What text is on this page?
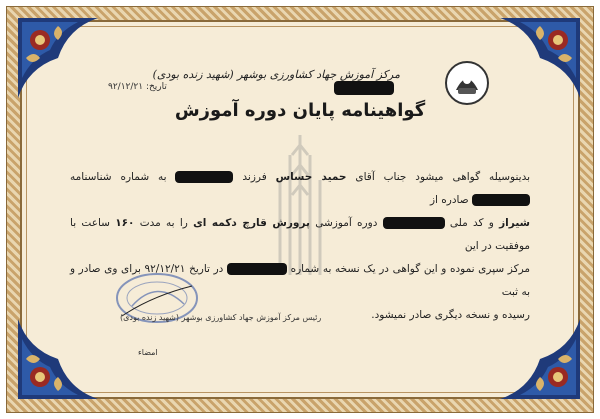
مرکز آموزش جهاد کشاورزی بوشهر (شهید زنده بودی)
تاریخ: ۹۲/۱۲/۲۱
گواهینامه پایان دوره آموزش
بدینوسیله گواهی میشود جناب آقای حمید حساس فرزند  به شماره شناسنامه  صادره از
شیراز و کد ملی  دوره آموزشی پرورش قارچ دکمه ای را به مدت ۱۶۰ ساعت با موفقیت در این
مرکز سپری نموده و این گواهی در یک نسخه به شماره  در تاریخ ۹۲/۱۲/۲۱ برای وی صادر و به ثبت
رسیده و نسخه دیگری صادر نمیشود.
رئیس مرکز آموزش جهاد کشاورزی بوشهر (شهید زنده بودی)
امضاء
